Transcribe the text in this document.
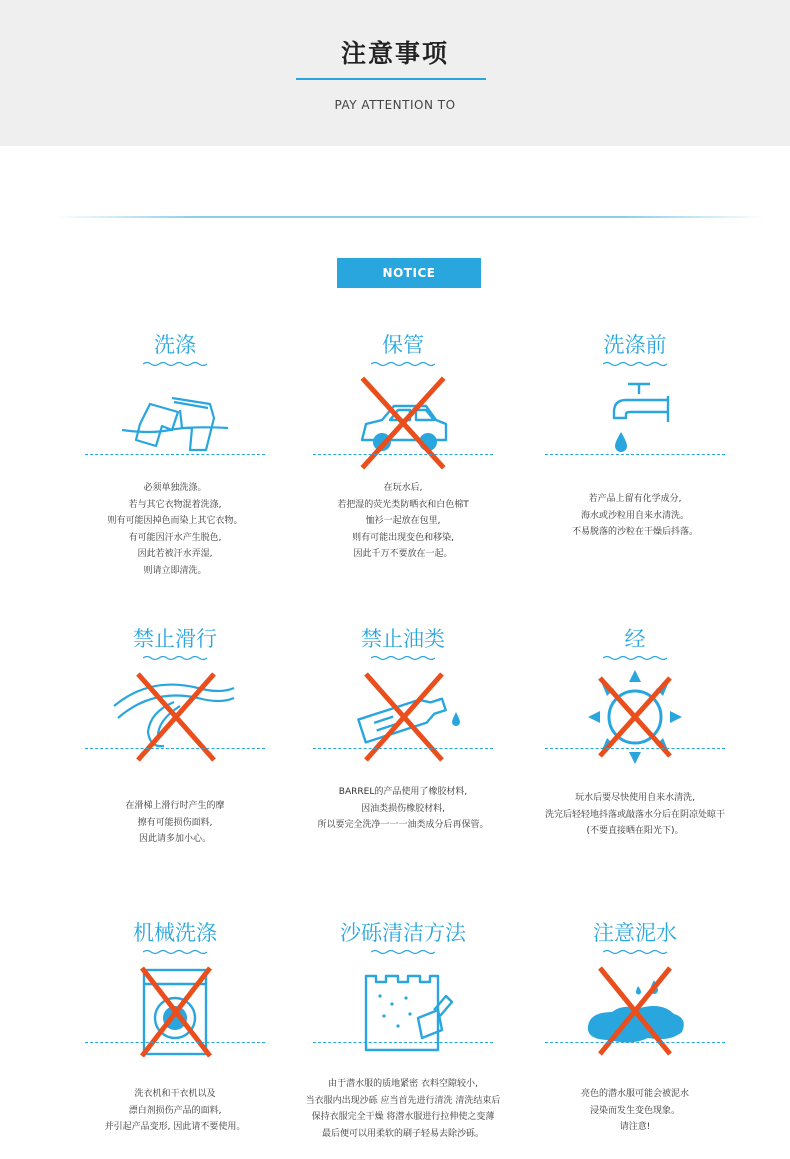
注意事项
PAY ATTENTION TO
NOTICE
洗涤
必须单独洗涤。
若与其它衣物混着洗涤,
则有可能因掉色而染上其它衣物。
有可能因汗水产生脱色,
因此若被汗水弄湿,
则请立即清洗。
保管
在玩水后,
若把湿的荧光类防晒衣和白色棉T
恤衫一起放在包里,
则有可能出现变色和移染,
因此千万不要放在一起。
洗涤前
若产品上留有化学成分,
海水或沙粒用自来水清洗。
不易脱落的沙粒在干燥后抖落。
禁止滑行
在滑梯上滑行时产生的摩
擦有可能损伤面料,
因此请多加小心。
禁止油类
BARREL的产品使用了橡胶材料,
因油类损伤橡胶材料,
所以要完全洗净一一一油类成分后再保管。
经
玩水后要尽快使用自来水清洗,
洗完后轻轻地抖落或敲落水分后在阴凉处晾干
(不要直接晒在阳光下)。
机械洗涤
洗衣机和干衣机以及
漂白剂损伤产品的面料,
并引起产品变形, 因此请不要使用。
沙砾清洁方法
由于潜水服的质地紧密 衣料空隙较小,
当衣服内出现沙砾 应当首先进行清洗 清洗结束后
保持衣服完全干燥 将潜水服进行拉伸使之变薄
最后便可以用柔软的刷子轻易去除沙砾。
注意泥水
亮色的潜水服可能会被泥水
浸染而发生变色现象。
请注意!
